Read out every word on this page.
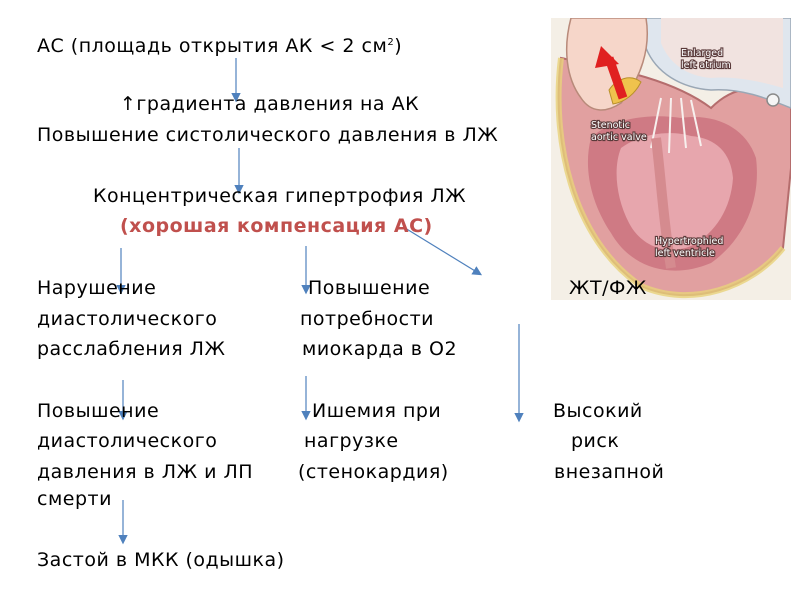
Enlarged
left atrium
Stenotic
aortic valve
Hypertrophied
left ventricle

АС (площадь открытия АК < 2 $см^2$)

↑градиента давления на АК

Повышение систолического давления в ЛЖ

Концентрическая гипертрофия ЛЖ

(хорошая компенсация АС)

Нарушение

диастолического

расслабления ЛЖ

Повышение

потребности

миокарда в О2

ЖТ/ФЖ

Повышение

диастолического

давления в ЛЖ и ЛП

смерти

Ишемия при

нагрузке

(стенокардия)

Высокий

риск

внезапной

Застой в МКК (одышка)
